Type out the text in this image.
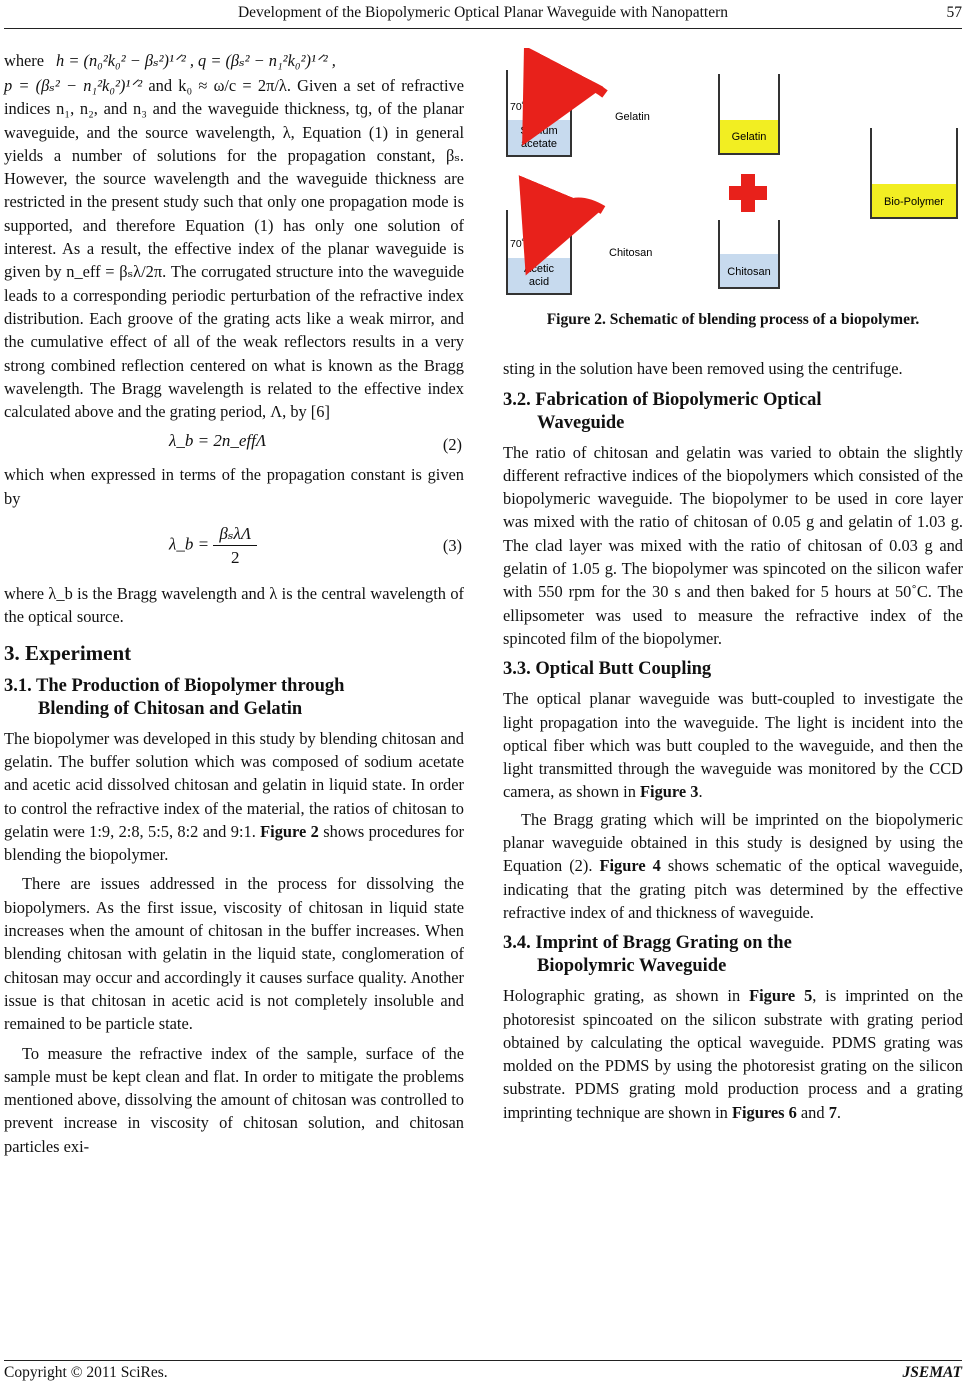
Development of the Biopolymeric Optical Planar Waveguide with Nanopattern	57
where h = (n₀²k₀² − βₛ²)¹ᐟ² , q = (βₛ² − n₁²k₀²)¹ᐟ² ,

p = (βₛ² − n₁²k₀²)¹ᐟ² and k₀ ≈ ω/c = 2π/λ. Given a set of refractive indices n₁, n₂, and n₃ and the waveguide thickness, tɡ, of the planar waveguide, and the source wavelength, λ, Equation (1) in general yields a number of solutions for the propagation constant, βₛ. However, the source wavelength and the waveguide thickness are restricted in the present study such that only one propagation mode is supported, and therefore Equation (1) has only one solution of interest. As a result, the effective index of the planar waveguide is given by n_eff = βₛλ/2π. The corrugated structure into the waveguide leads to a corresponding periodic perturbation of the refractive index distribution. Each groove of the grating acts like a weak mirror, and the cumulative effect of all of the weak reflectors results in a very strong combined reflection centered on what is known as the Bragg wavelength. The Bragg wavelength is related to the effective index calculated above and the grating period, Λ, by [6]

λ_b = 2n_effΛ	(2)

which when expressed in terms of the propagation constant is given by

λ_b = $\frac{\text{βₛλΛ}}{2}$	(3)

where λ_b is the Bragg wavelength and λ is the central wavelength of the optical source.

3. Experiment
3.1. The Production of Biopolymer through
Blending of Chitosan and Gelatin

The biopolymer was developed in this study by blending chitosan and gelatin. The buffer solution which was composed of sodium acetate and acetic acid dissolved chitosan and gelatin in liquid state. In order to control the refractive index of the material, the ratios of chitosan to gelatin were 1:9, 2:8, 5:5, 8:2 and 9:1. Figure 2 shows procedures for blending the biopolymer.

There are issues addressed in the process for dissolving the biopolymers. As the first issue, viscosity of chitosan in liquid state increases when the amount of chitosan in the buffer increases. When blending chitosan with gelatin in the liquid state, conglomeration of chitosan may occur and accordingly it causes surface quality. Another issue is that chitosan in acetic acid is not completely insoluble and remained to be particle state.

To measure the refractive index of the sample, surface of the sample must be kept clean and flat. In order to mitigate the problems mentioned above, dissolving the amount of chitosan was controlled to prevent increase in viscosity of chitosan solution, and chitosan particles exi-

70˚C, 0.1 M
Sodium
acetate
70˚C, 1 M
Acetic
acid
Gelatin
Chitosan
Gelatin
Chitosan
Bio-Polymer
Figure 2. Schematic of blending process of a biopolymer.

sting in the solution have been removed using the centrifuge.

3.2. Fabrication of Biopolymeric Optical
Waveguide

The ratio of chitosan and gelatin was varied to obtain the slightly different refractive indices of the biopolymers which consisted of the biopolymeric waveguide. The biopolymer to be used in core layer was mixed with the ratio of chitosan of 0.05 g and gelatin of 1.03 g. The clad layer was mixed with the ratio of chitosan of 0.03 g and gelatin of 1.05 g. The biopolymer was spincoted on the silicon wafer with 550 rpm for the 30 s and then baked for 5 hours at 50˚C. The ellipsometer was used to measure the refractive index of the spincoted film of the biopolymer.

3.3. Optical Butt Coupling

The optical planar waveguide was butt-coupled to investigate the light propagation into the waveguide. The light is incident into the optical fiber which was butt coupled to the waveguide, and then the light transmitted through the waveguide was monitored by the CCD camera, as shown in Figure 3.

The Bragg grating which will be imprinted on the biopolymeric planar waveguide obtained in this study is designed by using the Equation (2). Figure 4 shows schematic of the optical waveguide, indicating that the grating pitch was determined by the effective refractive index of and thickness of waveguide.

3.4. Imprint of Bragg Grating on the
Biopolymric Waveguide

Holographic grating, as shown in Figure 5, is imprinted on the photoresist spincoated on the silicon substrate with grating period obtained by calculating the optical waveguide. PDMS grating was molded on the PDMS by using the photoresist grating on the silicon substrate. PDMS grating mold production process and a grating imprinting technique are shown in Figures 6 and 7.

Copyright © 2011 SciRes.	JSEMAT
